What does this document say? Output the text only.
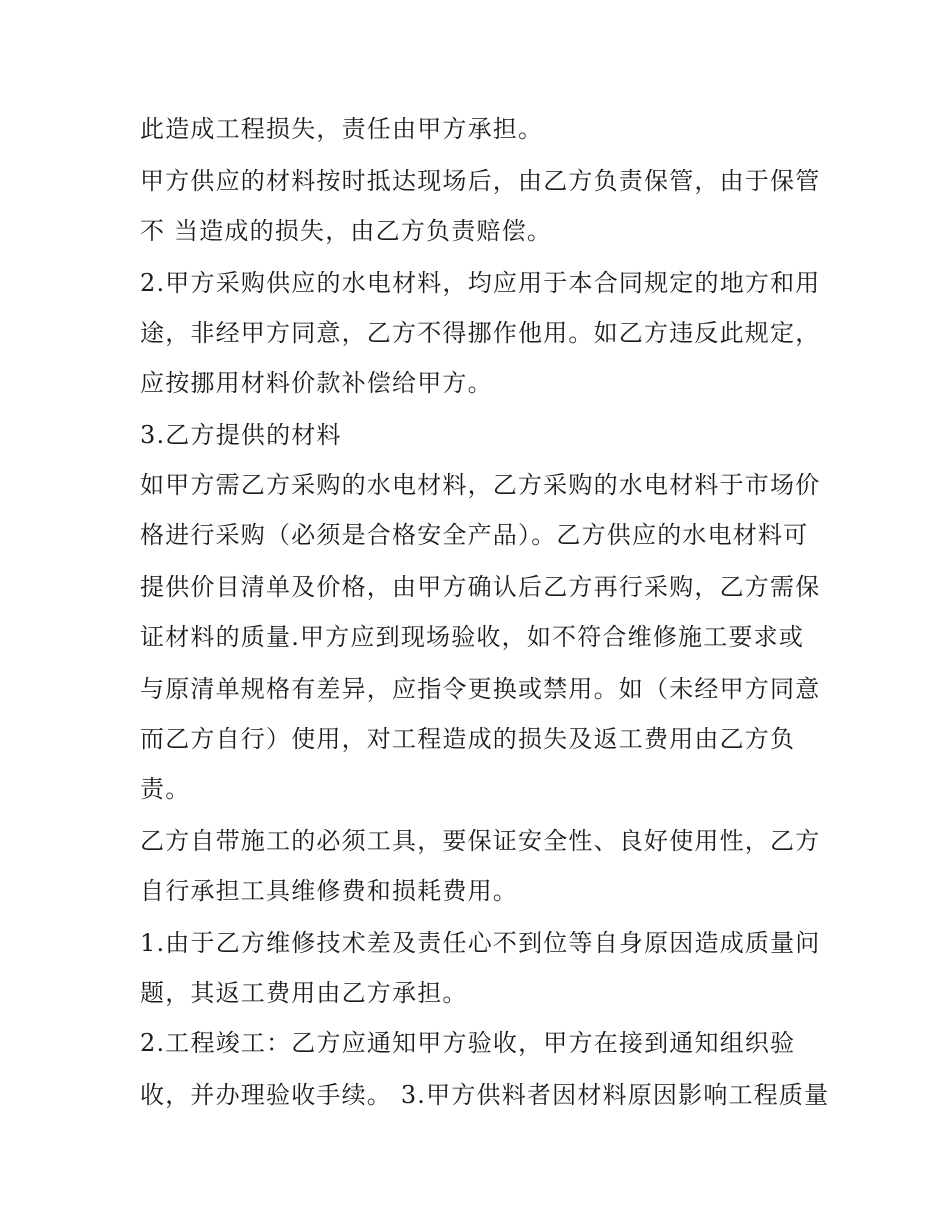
此造成工程损失，责任由甲方承担。

甲方供应的材料按时抵达现场后，由乙方负责保管，由于保管

不 当造成的损失，由乙方负责赔偿。

2.甲方采购供应的水电材料，均应用于本合同规定的地方和用

途，非经甲方同意，乙方不得挪作他用。如乙方违反此规定，

应按挪用材料价款补偿给甲方。

3.乙方提供的材料

如甲方需乙方采购的水电材料，乙方采购的水电材料于市场价

格进行采购（必须是合格安全产品）。乙方供应的水电材料可

提供价目清单及价格，由甲方确认后乙方再行采购，乙方需保

证材料的质量.甲方应到现场验收，如不符合维修施工要求或

与原清单规格有差异，应指令更换或禁用。如（未经甲方同意

而乙方自行）使用，对工程造成的损失及返工费用由乙方负

责。

乙方自带施工的必须工具，要保证安全性、良好使用性，乙方

自行承担工具维修费和损耗费用。

1.由于乙方维修技术差及责任心不到位等自身原因造成质量问

题，其返工费用由乙方承担。

2.工程竣工：乙方应通知甲方验收，甲方在接到通知组织验

收，并办理验收手续。 3.甲方供料者因材料原因影响工程质量
